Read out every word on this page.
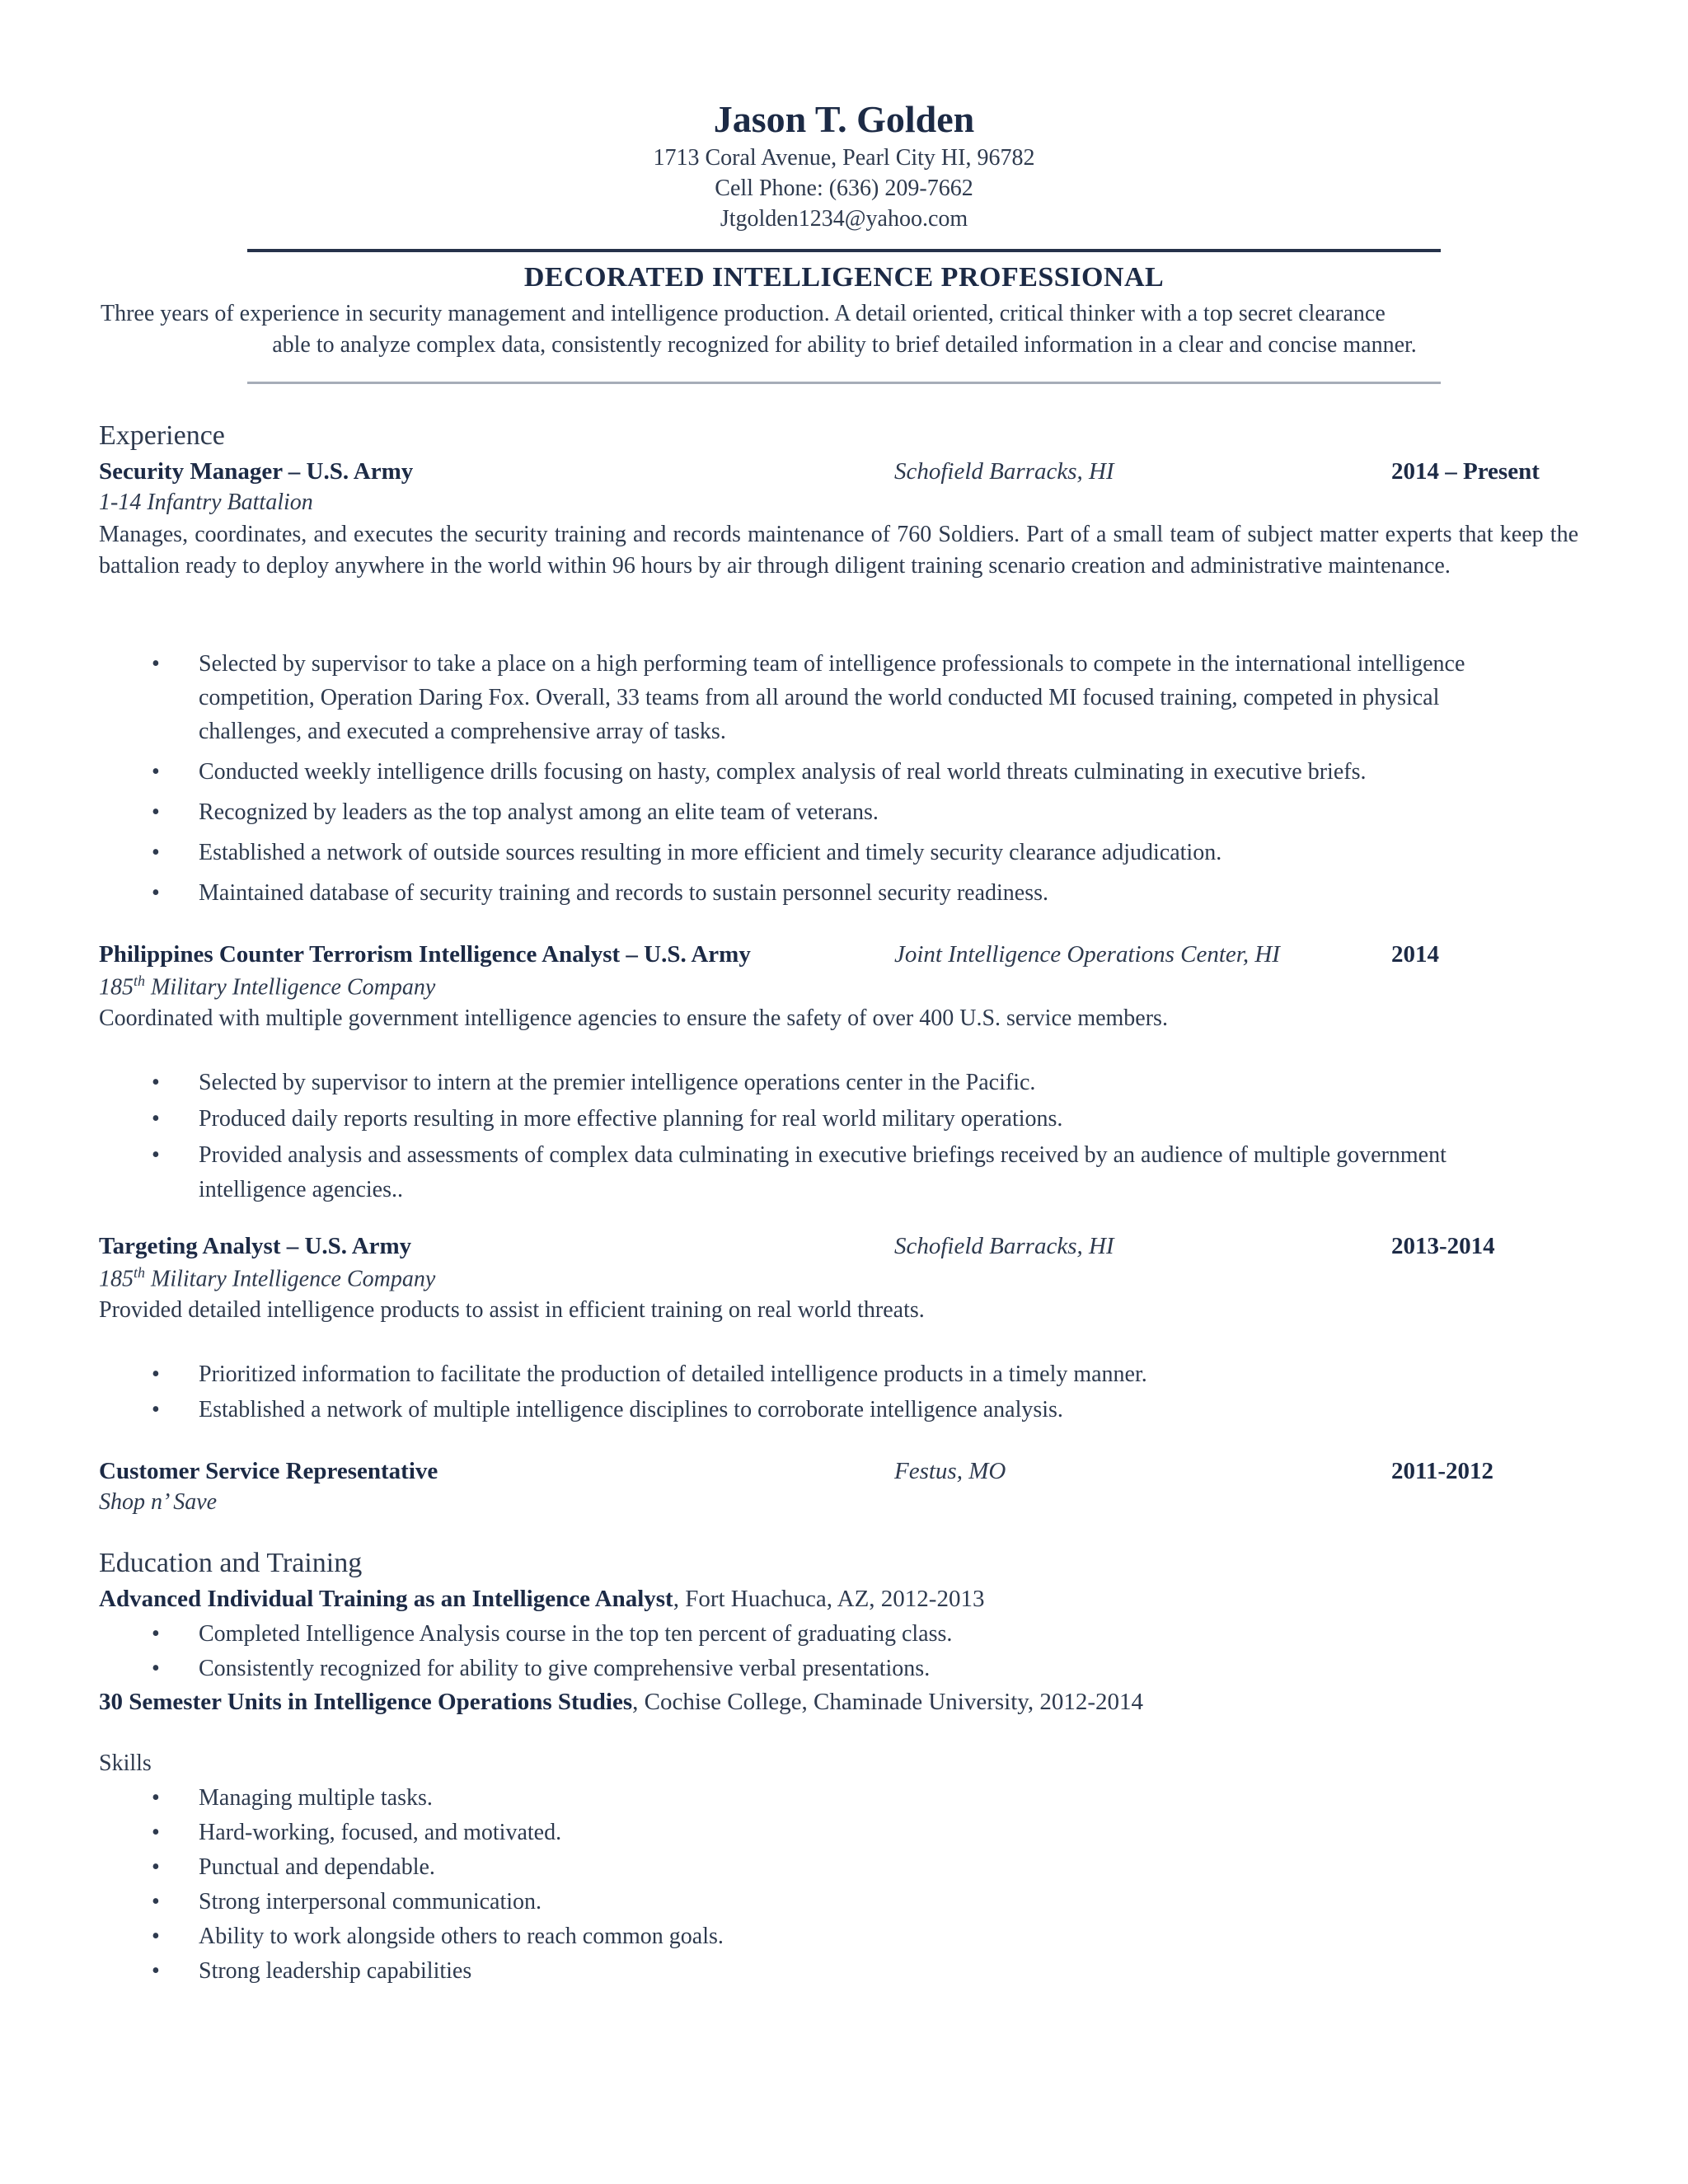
Jason T. Golden
1713 Coral Avenue, Pearl City HI, 96782
Cell Phone: (636) 209-7662
Jtgolden1234@yahoo.com
DECORATED INTELLIGENCE PROFESSIONAL
Three years of experience in security management and intelligence production. A detail oriented, critical thinker with a top secret clearance
able to analyze complex data, consistently recognized for ability to brief detailed information in a clear and concise manner.
Experience
Security Manager – U.S. Army	Schofield Barracks, HI	2014 – Present
1-14 Infantry Battalion
Manages, coordinates, and executes the security training and records maintenance of 760 Soldiers. Part of a small team of subject matter experts that keep the battalion ready to deploy anywhere in the world within 96 hours by air through diligent training scenario creation and administrative maintenance.
• Selected by supervisor to take a place on a high performing team of intelligence professionals to compete in the international intelligence competition, Operation Daring Fox. Overall, 33 teams from all around the world conducted MI focused training, competed in physical challenges, and executed a comprehensive array of tasks.
• Conducted weekly intelligence drills focusing on hasty, complex analysis of real world threats culminating in executive briefs.
• Recognized by leaders as the top analyst among an elite team of veterans.
• Established a network of outside sources resulting in more efficient and timely security clearance adjudication.
• Maintained database of security training and records to sustain personnel security readiness.
Philippines Counter Terrorism Intelligence Analyst – U.S. Army	Joint Intelligence Operations Center, HI	2014
185th Military Intelligence Company
Coordinated with multiple government intelligence agencies to ensure the safety of over 400 U.S. service members.
• Selected by supervisor to intern at the premier intelligence operations center in the Pacific.
• Produced daily reports resulting in more effective planning for real world military operations.
• Provided analysis and assessments of complex data culminating in executive briefings received by an audience of multiple government intelligence agencies..
Targeting Analyst – U.S. Army	Schofield Barracks, HI	2013-2014
185th Military Intelligence Company
Provided detailed intelligence products to assist in efficient training on real world threats.
• Prioritized information to facilitate the production of detailed intelligence products in a timely manner.
• Established a network of multiple intelligence disciplines to corroborate intelligence analysis.
Customer Service Representative	Festus, MO	2011-2012
Shop n’ Save
Education and Training
Advanced Individual Training as an Intelligence Analyst, Fort Huachuca, AZ, 2012-2013
• Completed Intelligence Analysis course in the top ten percent of graduating class.
• Consistently recognized for ability to give comprehensive verbal presentations.
30 Semester Units in Intelligence Operations Studies, Cochise College, Chaminade University, 2012-2014
Skills
• Managing multiple tasks.
• Hard-working, focused, and motivated.
• Punctual and dependable.
• Strong interpersonal communication.
• Ability to work alongside others to reach common goals.
• Strong leadership capabilities
